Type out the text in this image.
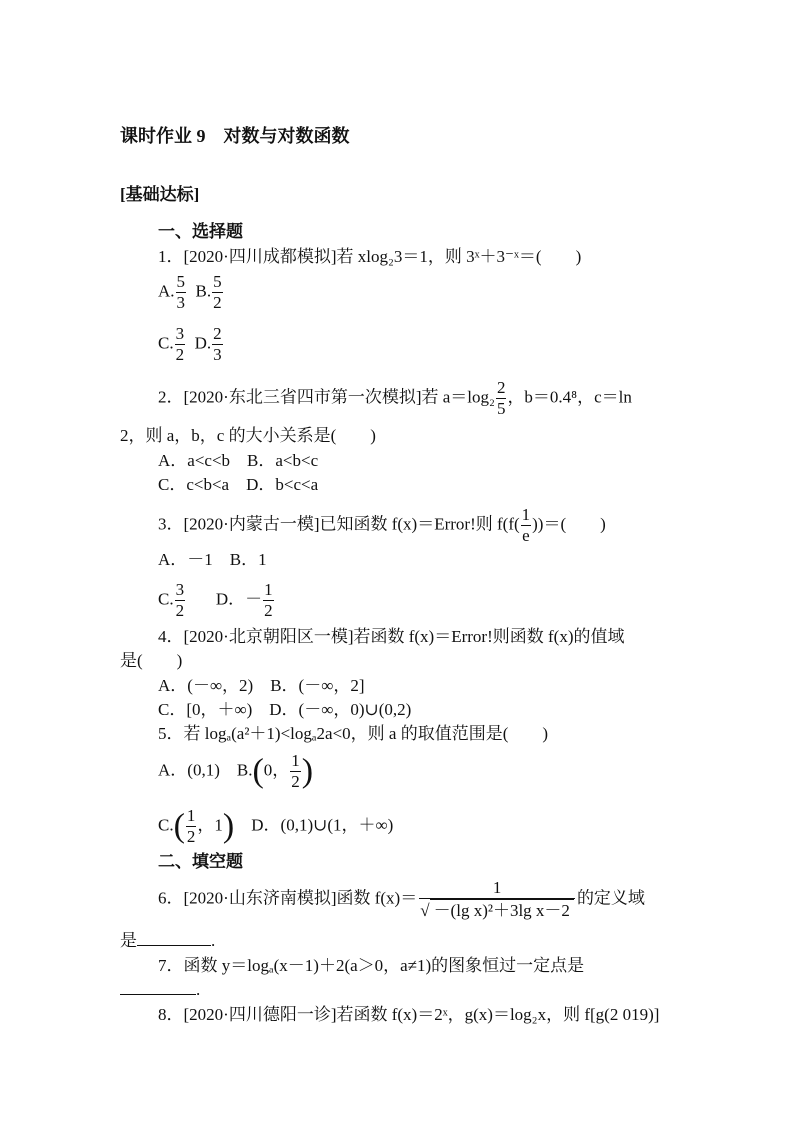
课时作业 9　对数与对数函数
[基础达标]
一、选择题
1．[2020·四川成都模拟]若 xlog₂3＝1，则 3ˣ＋3⁻ˣ＝(　　)
A. $\frac{5}{3} B$. $\frac{5}{2}$
C. $\frac{3}{2} D$. $\frac{2}{3}$
2．[2020·东北三省四市第一次模拟]若 $a=\log_2 \frac{2}{5}$ ，b＝0.4⁸，c＝ln
2，则 a，b，c 的大小关系是(　　)
A．a<c<b　B．a<b<c
C．c<b<a　D．b<c<a
3．[2020·内蒙古一模]已知函数 f(x)＝Error!则 $f(f( \frac{1}{e}$ ))＝(　　)
A．－1　B．1
C. $\frac{3}{2}$ D．－ $\frac{1}{2}$
4．[2020·北京朝阳区一模]若函数 f(x)＝Error!则函数 f(x)的值域
是(　　)
A．(－∞，2)　B．(－∞，2]
C．[0，＋∞)　D．(－∞，0)∪(0,2)
5．若 logₐ(a²＋1)<logₐ2a<0，则 a 的取值范围是(　　)
A．(0,1)　B.(0， $\frac{1}{2}$ )
$C.( \frac{1}{2}$ ，1) D．(0,1)∪(1，＋∞)
二、填空题
6．[2020·山东济南模拟]函数 $f(x)= \frac{1}{\text{√ －(lg x)²＋3lg x－2}}$ 的定义域
是	.
7．函数 y＝logₐ(x－1)＋2(a＞0，a≠1)的图象恒过一定点是
.
8．[2020·四川德阳一诊]若函数 f(x)＝2ˣ，g(x)＝log₂x，则 f[g(2 019)]
